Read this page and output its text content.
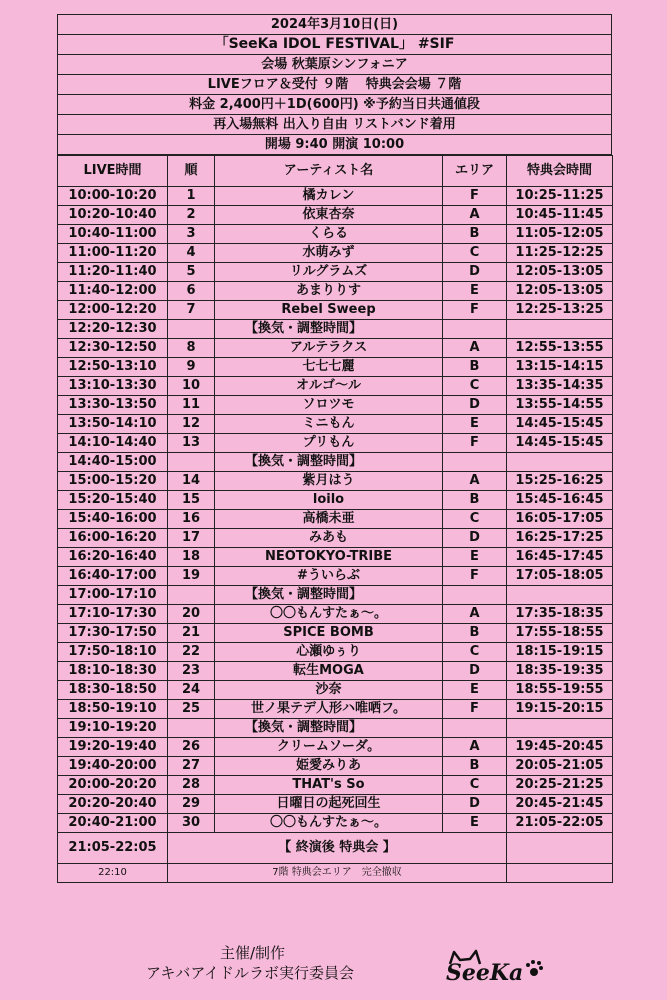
2024年3月10日(日)
「SeeKa IDOL FESTIVAL」 #SIF
会場 秋葉原シンフォニア
LIVEフロア＆受付 ９階　 特典会会場 ７階
料金 2,400円＋1D(600円) ※予約当日共通値段
再入場無料 出入り自由 リストバンド着用
開場 9:40 開演 10:00
LIVE時間	順	アーティスト名	エリア	特典会時間
10:00-10:20	1	橘カレン	F	10:25-11:25
10:20-10:40	2	依東杏奈	A	10:45-11:45
10:40-11:00	3	くらる	B	11:05-12:05
11:00-11:20	4	水萌みず	C	11:25-12:25
11:20-11:40	5	リルグラムズ	D	12:05-13:05
11:40-12:00	6	あまりりす	E	12:05-13:05
12:00-12:20	7	Rebel Sweep	F	12:25-13:25
12:20-12:30		【換気・調整時間】		
12:30-12:50	8	アルテラクス	A	12:55-13:55
12:50-13:10	9	七七七麗	B	13:15-14:15
13:10-13:30	10	オルゴ～ル	C	13:35-14:35
13:30-13:50	11	ソロツモ	D	13:55-14:55
13:50-14:10	12	ミニもん	E	14:45-15:45
14:10-14:40	13	プリもん	F	14:45-15:45
14:40-15:00		【換気・調整時間】		
15:00-15:20	14	紫月はう	A	15:25-16:25
15:20-15:40	15	loilo	B	15:45-16:45
15:40-16:00	16	高橋未亜	C	16:05-17:05
16:00-16:20	17	みあも	D	16:25-17:25
16:20-16:40	18	NEOTOKYO-TRIBE	E	16:45-17:45
16:40-17:00	19	#ういらぶ	F	17:05-18:05
17:00-17:10		【換気・調整時間】		
17:10-17:30	20	〇〇もんすたぁ〜。	A	17:35-18:35
17:30-17:50	21	SPICE BOMB	B	17:55-18:55
17:50-18:10	22	心瀬ゆぅり	C	18:15-19:15
18:10-18:30	23	転生MOGA	D	18:35-19:35
18:30-18:50	24	沙奈	E	18:55-19:55
18:50-19:10	25	世ノ果テデ人形ハ唯哂フ。	F	19:15-20:15
19:10-19:20		【換気・調整時間】		
19:20-19:40	26	クリームソーダ。	A	19:45-20:45
19:40-20:00	27	姫愛みりあ	B	20:05-21:05
20:00-20:20	28	THAT's So	C	20:25-21:25
20:20-20:40	29	日曜日の起死回生	D	20:45-21:45
20:40-21:00	30	〇〇もんすたぁ〜。	E	21:05-22:05
21:05-22:05	【 終演後 特典会 】			
22:10	7階 特典会エリア　完全撤収			
主催/制作
アキバアイドルラボ実行委員会	SeeKa
